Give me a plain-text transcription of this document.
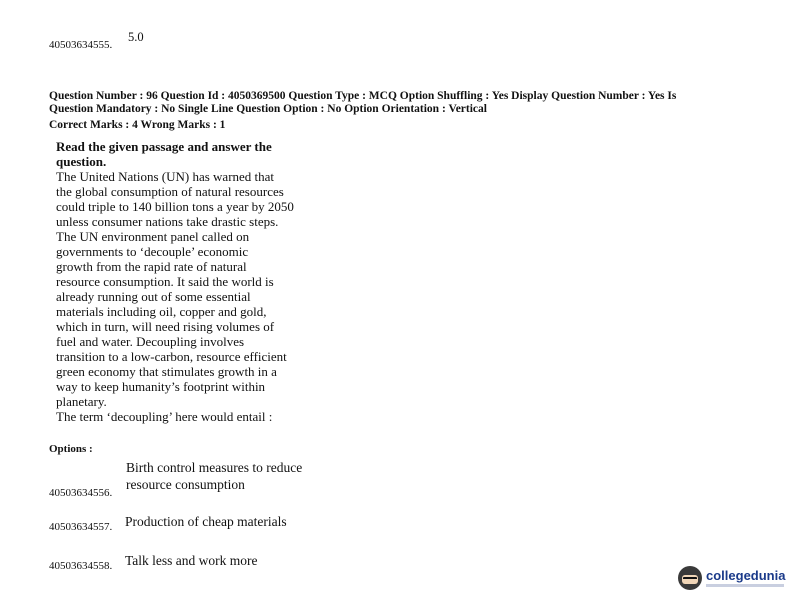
40503634555.
5.0
Question Number : 96 Question Id : 4050369500 Question Type : MCQ Option Shuffling : Yes Display Question Number : Yes Is
Question Mandatory : No Single Line Question Option : No Option Orientation : Vertical
Correct Marks : 4 Wrong Marks : 1
Read the given passage and answer the
question.
The United Nations (UN) has warned that
the global consumption of natural resources
could triple to 140 billion tons a year by 2050
unless consumer nations take drastic steps.
The UN environment panel called on
governments to ‘decouple’ economic
growth from the rapid rate of natural
resource consumption. It said the world is
already running out of some essential
materials including oil, copper and gold,
which in turn, will need rising volumes of
fuel and water. Decoupling involves
transition to a low-carbon, resource efficient
green economy that stimulates growth in a
way to keep humanity’s footprint within
planetary.
The term ‘decoupling’ here would entail :
Options :
Birth control measures to reduce
40503634556.
resource consumption
40503634557. Production of cheap materials
40503634558. Talk less and work more
collegedunia
